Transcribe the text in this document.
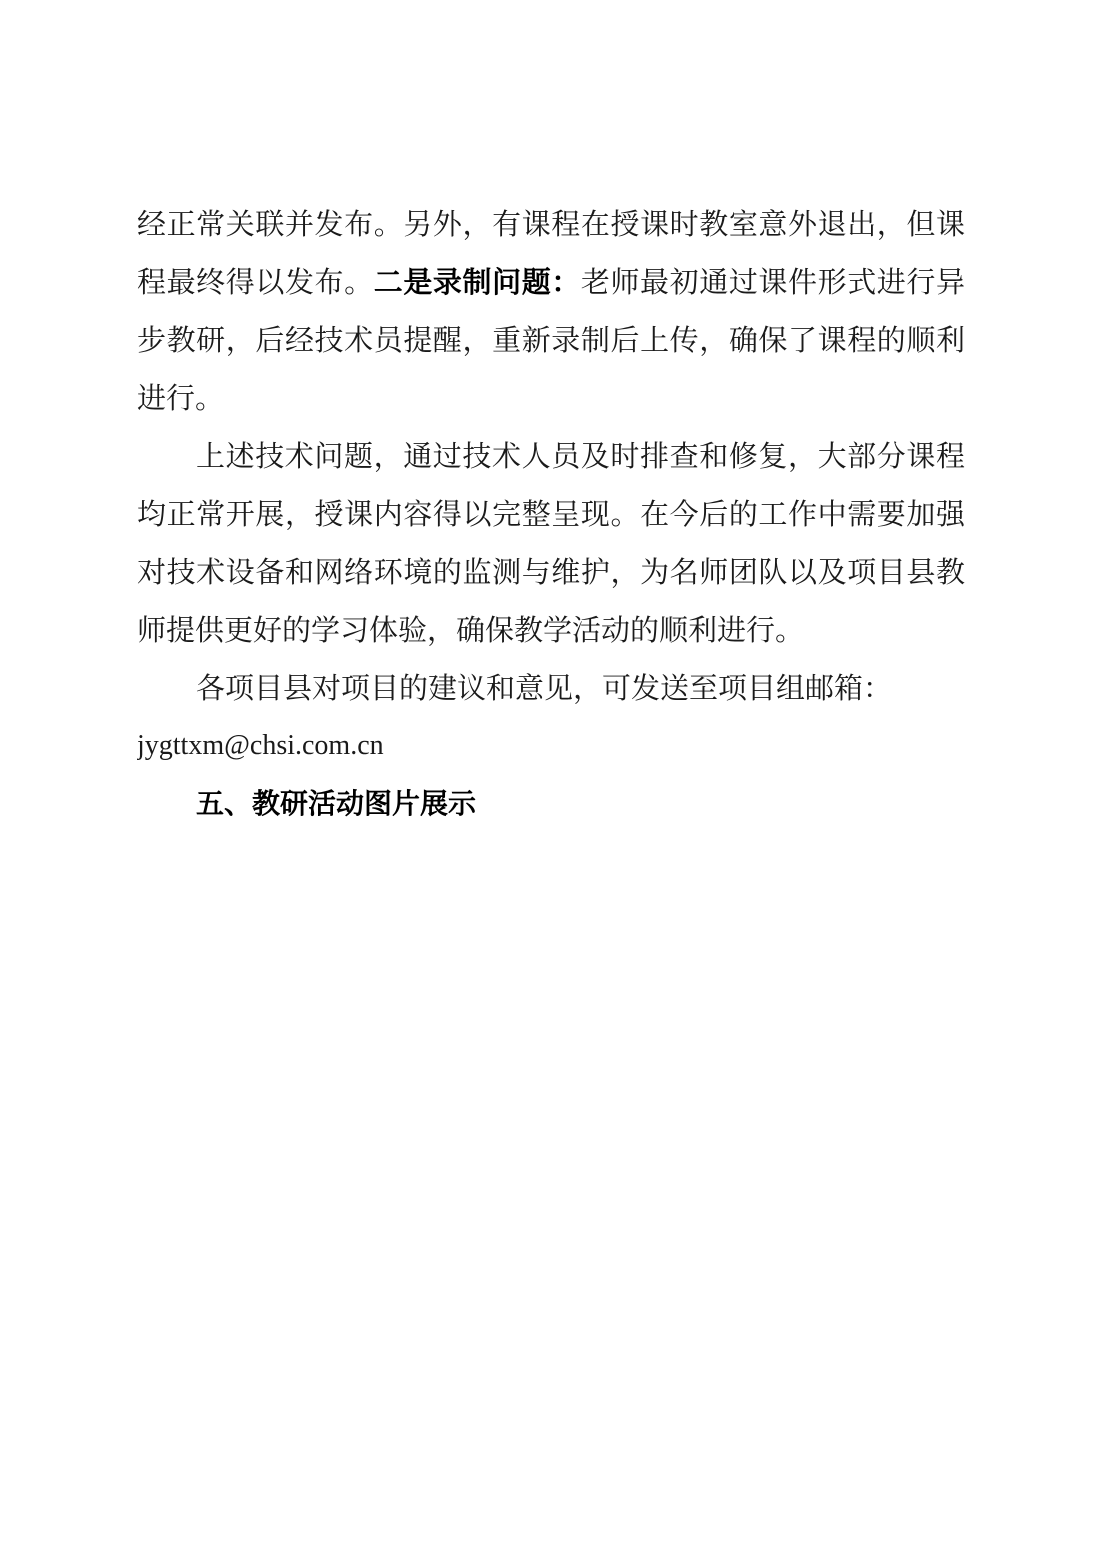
经正常关联并发布。另外，有课程在授课时教室意外退出，但课
程最终得以发布。二是录制问题：老师最初通过课件形式进行异
步教研，后经技术员提醒，重新录制后上传，确保了课程的顺利
进行。
上述技术问题，通过技术人员及时排查和修复，大部分课程
均正常开展，授课内容得以完整呈现。在今后的工作中需要加强
对技术设备和网络环境的监测与维护，为名师团队以及项目县教
师提供更好的学习体验，确保教学活动的顺利进行。
各项目县对项目的建议和意见，可发送至项目组邮箱：
jygttxm@chsi.com.cn
五、教研活动图片展示
